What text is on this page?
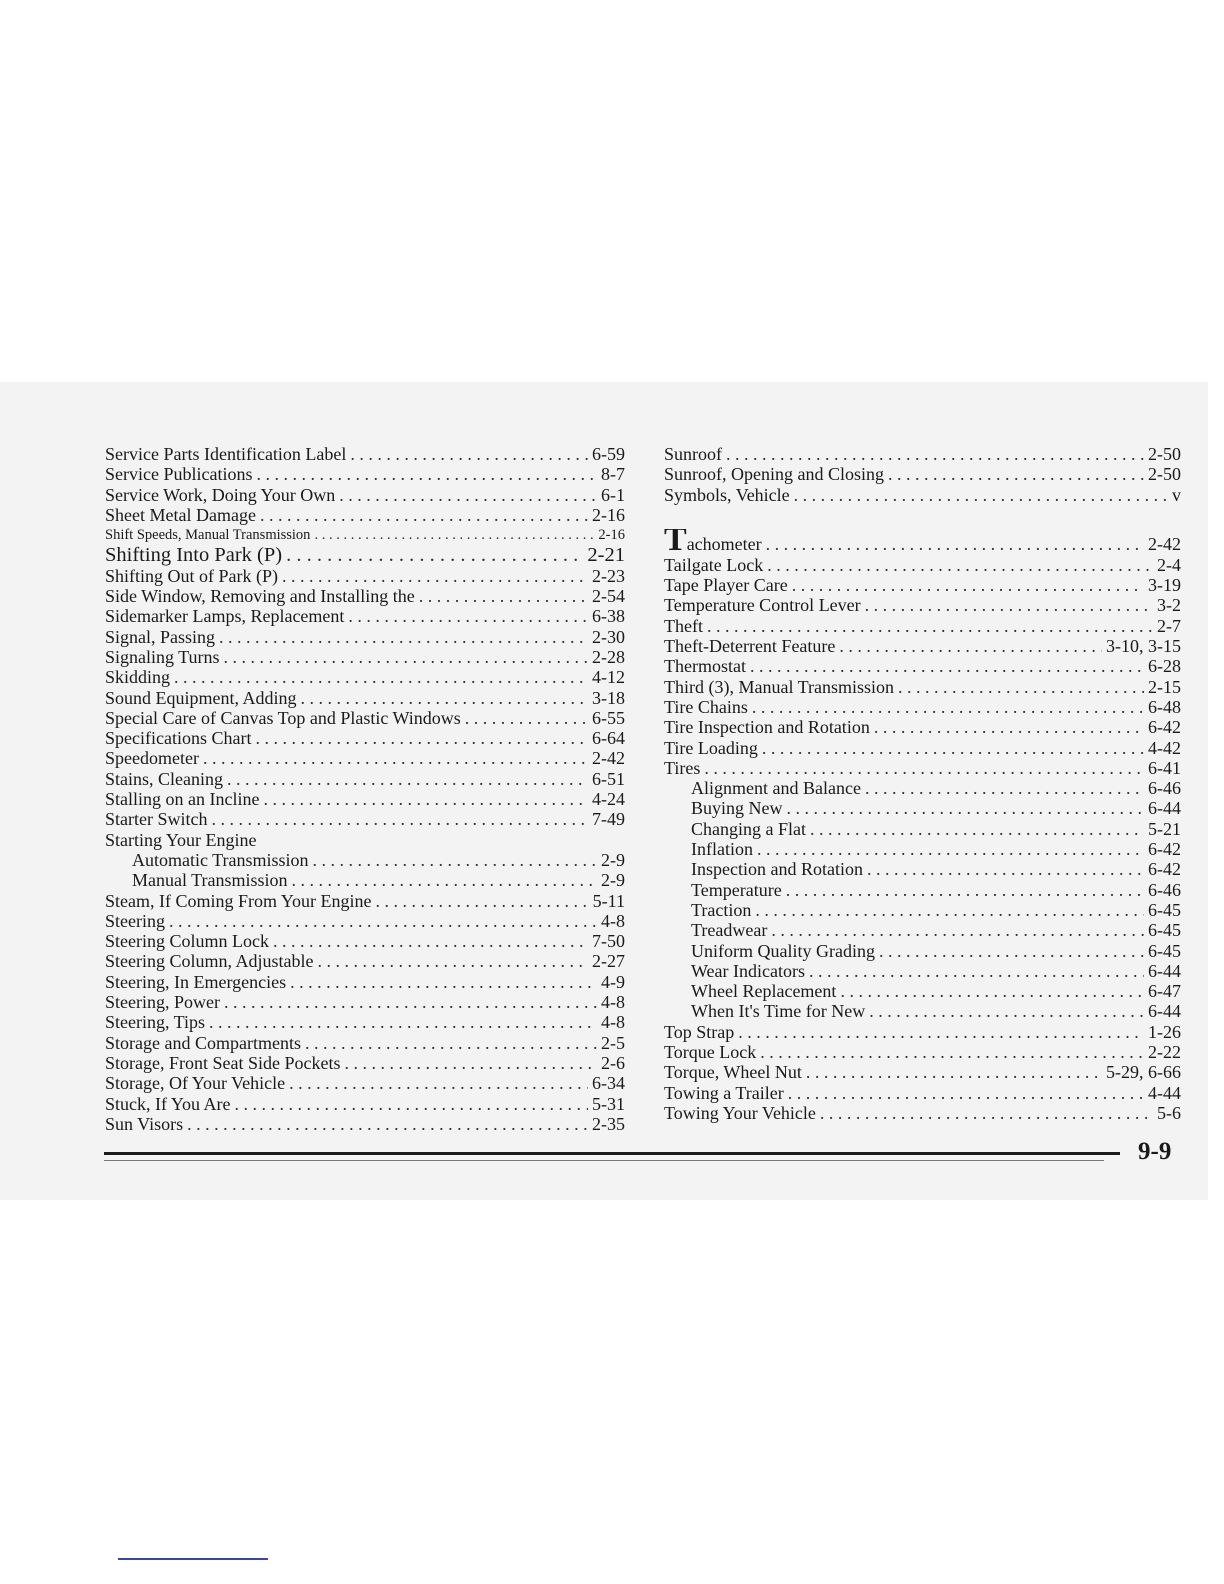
Service Parts Identification Label . . .	6-59
Service Publications . . .	8-7
Service Work, Doing Your Own . . .	6-1
Sheet Metal Damage . . .	2-16
Shift Speeds, Manual Transmission . . .	2-16
Shifting Into Park (P) . . .	2-21
Shifting Out of Park (P) . . .	2-23
Side Window, Removing and Installing the . . .	2-54
Sidemarker Lamps, Replacement . . .	6-38
Signal, Passing . . .	2-30
Signaling Turns . . .	2-28
Skidding . . .	4-12
Sound Equipment, Adding . . .	3-18
Special Care of Canvas Top and Plastic Windows . . .	6-55
Specifications Chart . . .	6-64
Speedometer . . .	2-42
Stains, Cleaning . . .	6-51
Stalling on an Incline . . .	4-24
Starter Switch . . .	7-49
Starting Your Engine
Automatic Transmission . . .	2-9
Manual Transmission . . .	2-9
Steam, If Coming From Your Engine . . .	5-11
Steering . . .	4-8
Steering Column Lock . . .	7-50
Steering Column, Adjustable . . .	2-27
Steering, In Emergencies . . .	4-9
Steering, Power . . .	4-8
Steering, Tips . . .	4-8
Storage and Compartments . . .	2-5
Storage, Front Seat Side Pockets . . .	2-6
Storage, Of Your Vehicle . . .	6-34
Stuck, If You Are . . .	5-31
Sun Visors . . .	2-35
Sunroof . . .	2-50
Sunroof, Opening and Closing . . .	2-50
Symbols, Vehicle . . .	v
Tachometer . . .	2-42
Tailgate Lock . . .	2-4
Tape Player Care . . .	3-19
Temperature Control Lever . . .	3-2
Theft . . .	2-7
Theft-Deterrent Feature . . .	3-10, 3-15
Thermostat . . .	6-28
Third (3), Manual Transmission . . .	2-15
Tire Chains . . .	6-48
Tire Inspection and Rotation . . .	6-42
Tire Loading . . .	4-42
Tires . . .	6-41
Alignment and Balance . . .	6-46
Buying New . . .	6-44
Changing a Flat . . .	5-21
Inflation . . .	6-42
Inspection and Rotation . . .	6-42
Temperature . . .	6-46
Traction . . .	6-45
Treadwear . . .	6-45
Uniform Quality Grading . . .	6-45
Wear Indicators . . .	6-44
Wheel Replacement . . .	6-47
When It's Time for New . . .	6-44
Top Strap . . .	1-26
Torque Lock . . .	2-22
Torque, Wheel Nut . . .	5-29, 6-66
Towing a Trailer . . .	4-44
Towing Your Vehicle . . .	5-6
9-9
